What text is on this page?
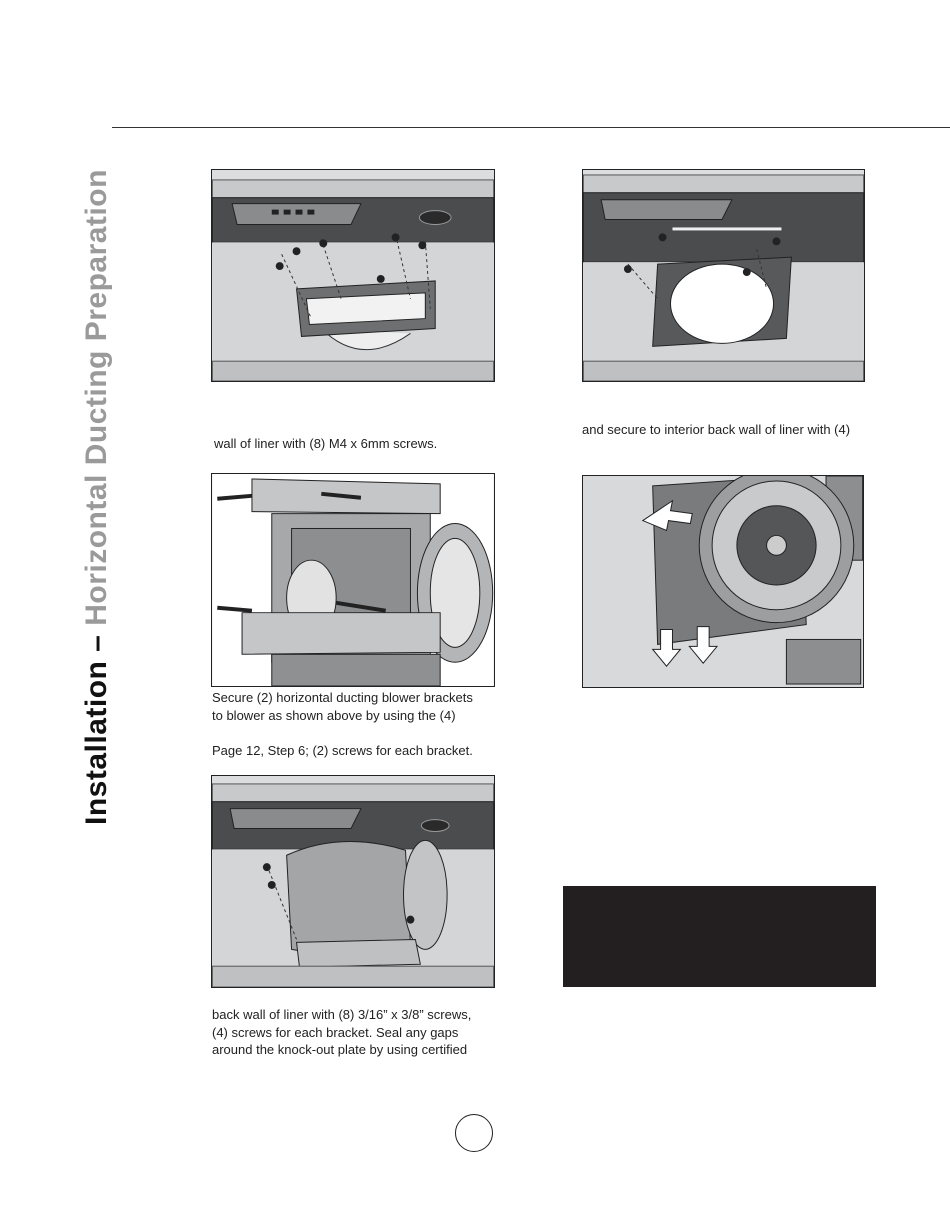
Installation – Horizontal Ducting Preparation	wall of liner with (8) M4 x 6mm screws.

and secure to interior back wall of liner with (4)

Secure (2) horizontal ducting blower brackets

to blower as shown above by using the (4)

Page 12, Step 6; (2) screws for each bracket.

back wall of liner with (8) 3/16” x 3/8” screws,

(4) screws for each bracket. Seal any gaps

around the knock-out plate by using certified
